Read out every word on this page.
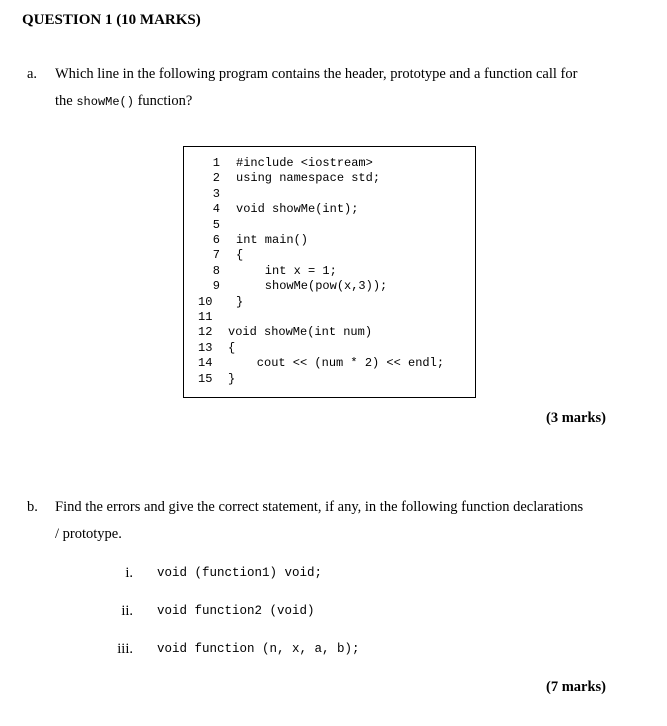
QUESTION 1 (10 MARKS)
a. Which line in the following program contains the header, prototype and a function call for
the showMe() function?
1 #include <iostream>
2 using namespace std;
3
4 void showMe(int);
5
6 int main()
7 {
8 int x = 1;
9 showMe(pow(x,3));
10	}
11
12	void showMe(int num)
13	{
14	cout << (num * 2) << endl;
15	}
(3 marks)
b. Find the errors and give the correct statement, if any, in the following function declarations
/ prototype.
i. void (function1) void;
ii. void function2 (void)
iii. void function (n, x, a, b);
(7 marks)
